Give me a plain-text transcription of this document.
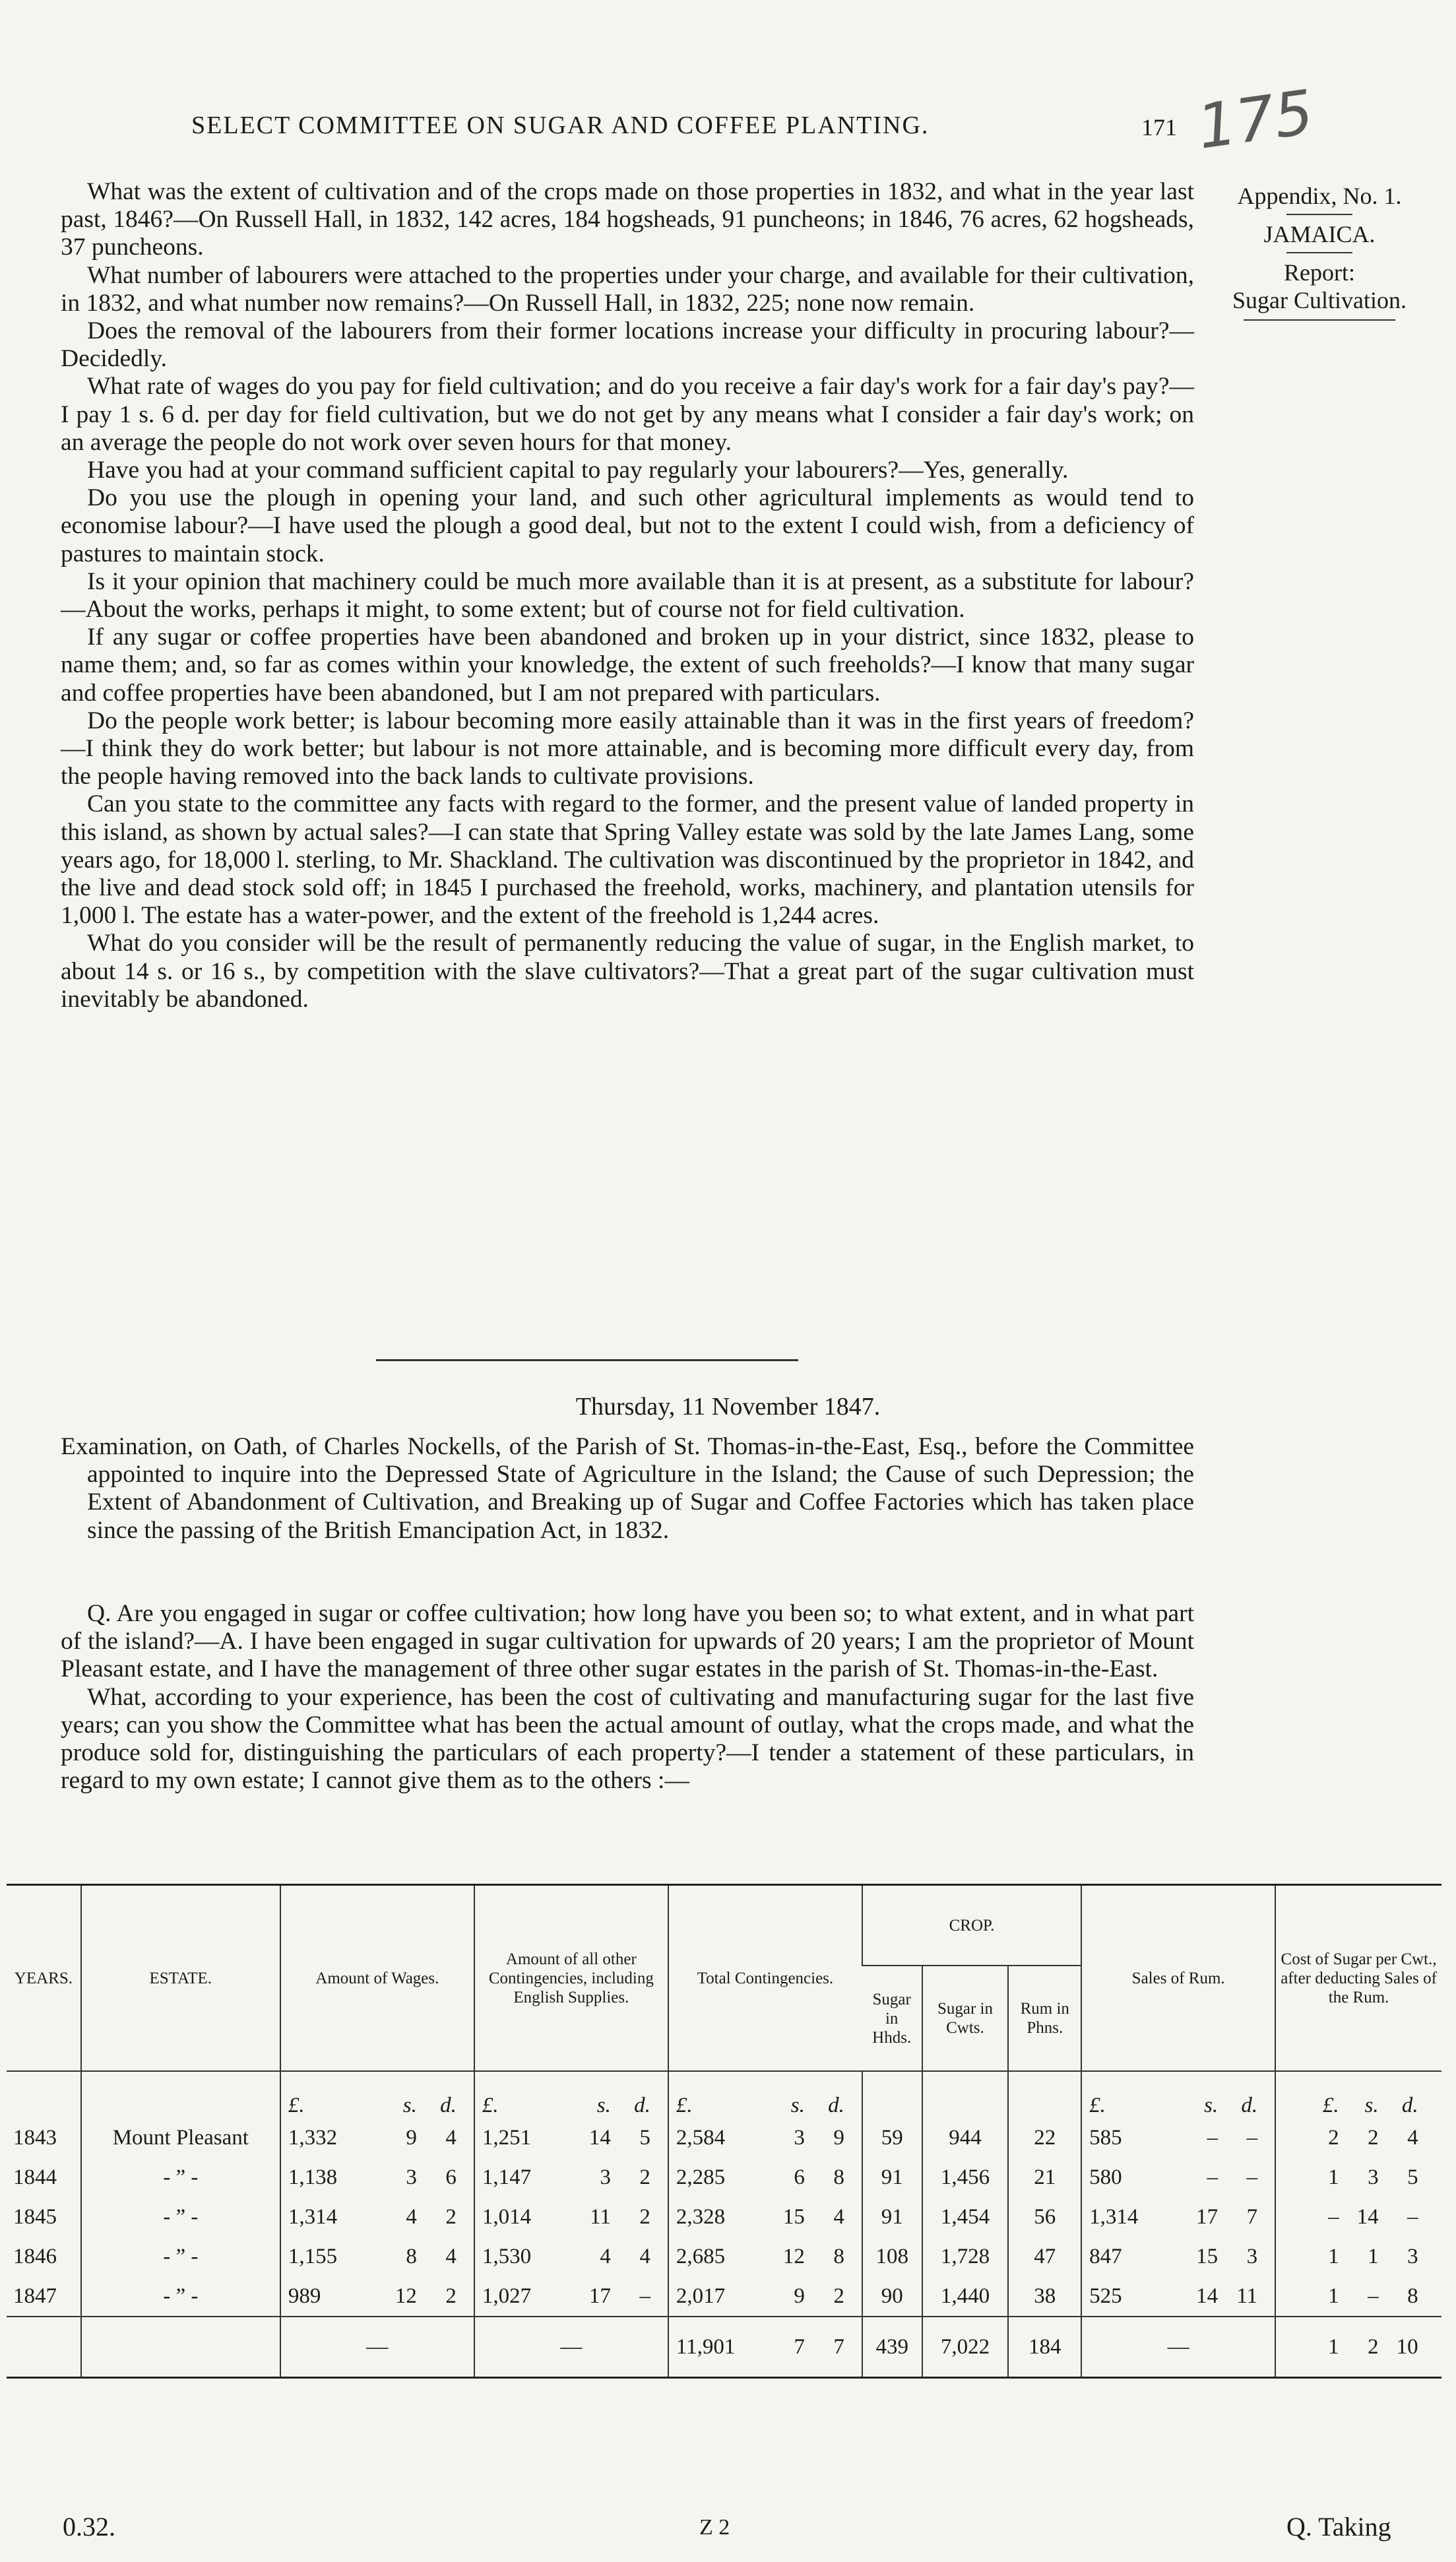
SELECT COMMITTEE ON SUGAR AND COFFEE PLANTING.	171 175
Appendix, No. 1.
JAMAICA.
Report:
Sugar Cultivation.

What was the extent of cultivation and of the crops made on those properties in 1832, and what in the year last past, 1846?—On Russell Hall, in 1832, 142 acres, 184 hogsheads, 91 puncheons; in 1846, 76 acres, 62 hogsheads, 37 puncheons.

What number of labourers were attached to the properties under your charge, and available for their cultivation, in 1832, and what number now remains?—On Russell Hall, in 1832, 225; none now remain.

Does the removal of the labourers from their former locations increase your difficulty in procuring labour?—Decidedly.

What rate of wages do you pay for field cultivation; and do you receive a fair day's work for a fair day's pay?—I pay 1 s. 6 d. per day for field cultivation, but we do not get by any means what I consider a fair day's work; on an average the people do not work over seven hours for that money.

Have you had at your command sufficient capital to pay regularly your labourers?—Yes, generally.

Do you use the plough in opening your land, and such other agricultural implements as would tend to economise labour?—I have used the plough a good deal, but not to the extent I could wish, from a deficiency of pastures to maintain stock.

Is it your opinion that machinery could be much more available than it is at present, as a substitute for labour?—About the works, perhaps it might, to some extent; but of course not for field cultivation.

If any sugar or coffee properties have been abandoned and broken up in your district, since 1832, please to name them; and, so far as comes within your knowledge, the extent of such freeholds?—I know that many sugar and coffee properties have been abandoned, but I am not prepared with particulars.

Do the people work better; is labour becoming more easily attainable than it was in the first years of freedom?—I think they do work better; but labour is not more attainable, and is becoming more difficult every day, from the people having removed into the back lands to cultivate provisions.

Can you state to the committee any facts with regard to the former, and the present value of landed property in this island, as shown by actual sales?—I can state that Spring Valley estate was sold by the late James Lang, some years ago, for 18,000 l. sterling, to Mr. Shackland. The cultivation was discontinued by the proprietor in 1842, and the live and dead stock sold off; in 1845 I purchased the freehold, works, machinery, and plantation utensils for 1,000 l. The estate has a water-power, and the extent of the freehold is 1,244 acres.

What do you consider will be the result of permanently reducing the value of sugar, in the English market, to about 14 s. or 16 s., by competition with the slave cultivators?—That a great part of the sugar cultivation must inevitably be abandoned.

Thursday, 11 November 1847.

Examination, on Oath, of Charles Nockells, of the Parish of St. Thomas-in-the-East, Esq., before the Committee appointed to inquire into the Depressed State of Agriculture in the Island; the Cause of such Depression; the Extent of Abandonment of Cultivation, and Breaking up of Sugar and Coffee Factories which has taken place since the passing of the British Emancipation Act, in 1832.

Q. Are you engaged in sugar or coffee cultivation; how long have you been so; to what extent, and in what part of the island?—A. I have been engaged in sugar cultivation for upwards of 20 years; I am the proprietor of Mount Pleasant estate, and I have the management of three other sugar estates in the parish of St. Thomas-in-the-East.

What, according to your experience, has been the cost of cultivating and manufacturing sugar for the last five years; can you show the Committee what has been the actual amount of outlay, what the crops made, and what the produce sold for, distinguishing the particulars of each property?—I tender a statement of these particulars, in regard to my own estate; I cannot give them as to the others :—

YEARS.	ESTATE.	Amount of Wages.	Amount of all other Contingencies, including English Supplies.	Total Contingencies.	CROP.			Sales of Rum.	Cost of Sugar per Cwt., after deducting Sales of the Rum.
					Sugar in Hhds.	Sugar in Cwts.	Rum in Phns.		
		£. s. d.	£. s. d.	£. s. d.				£. s. d.	£. s. d.
1843	Mount Pleasant	1,332 9 4	1,251 14 5	2,584 3 9	59	944	22	585 – –	2 2 4
1844	- ” -	1,138 3 6	1,147 3 2	2,285 6 8	91	1,456	21	580 – –	1 3 5
1845	- ” -	1,314 4 2	1,014 11 2	2,328 15 4	91	1,454	56	1,314 17 7	– 14 –
1846	- ” -	1,155 8 4	1,530 4 4	2,685 12 8	108	1,728	47	847 15 3	1 1 3
1847	- ” -	989 12 2	1,027 17 –	2,017 9 2	90	1,440	38	525 14 11	1 – 8
		—	—	11,901 7 7	439	7,022	184	—	1 2 10
0.32.	Z 2	Q. Taking
